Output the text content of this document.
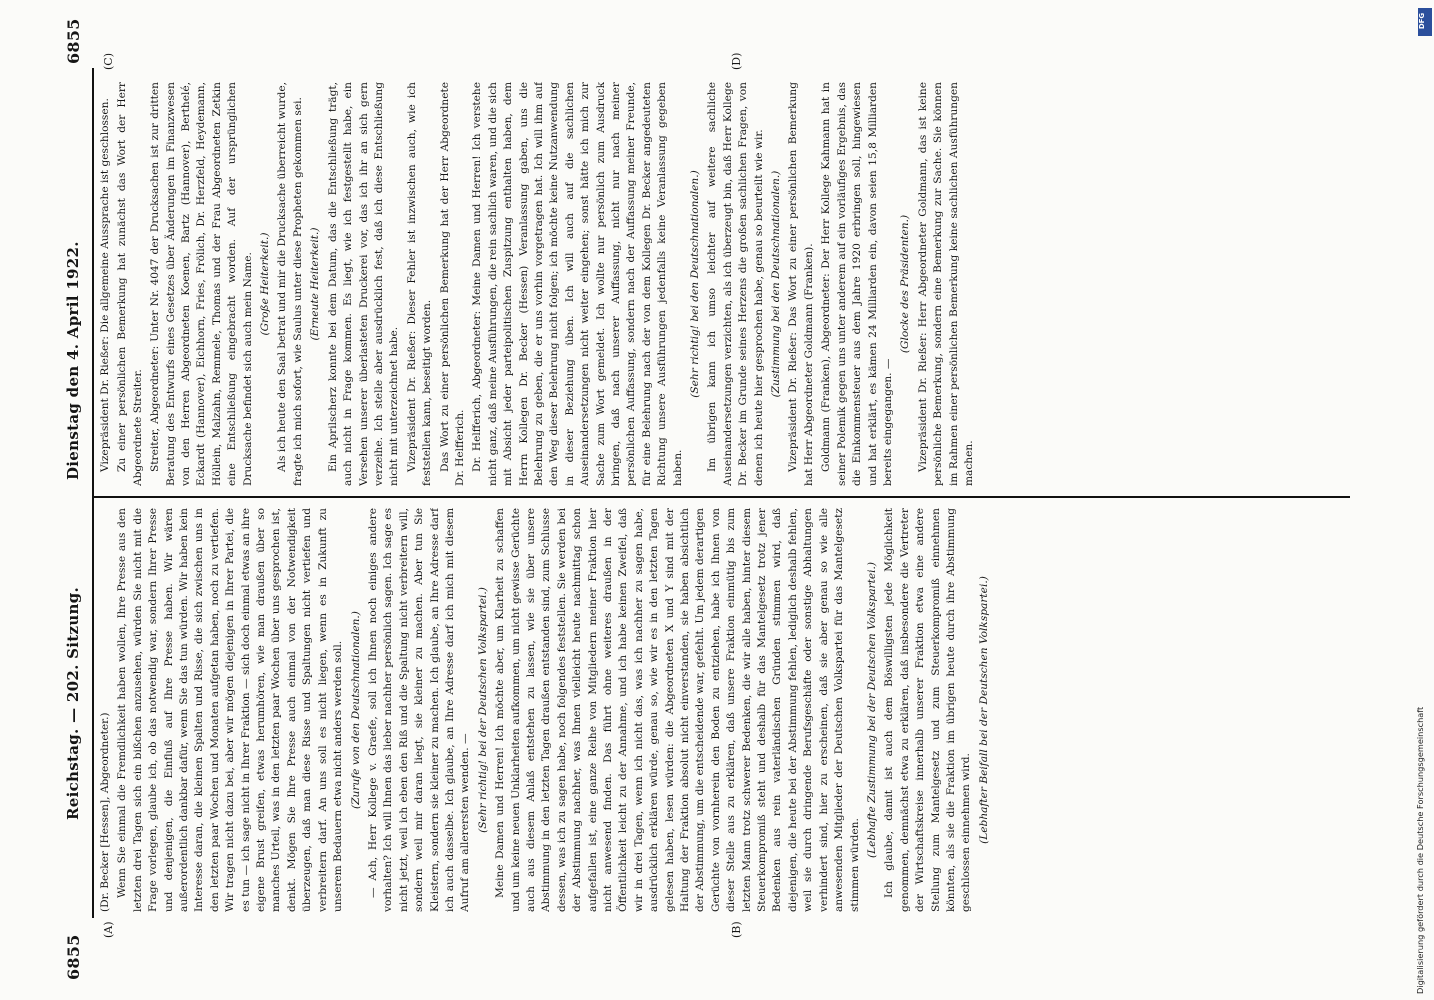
6855
Reichstag. — 202. Sitzung.
Dienstag den 4. April 1922.
6855
(A)	(B)
(C)	(D)

(Dr. Becker [Hessen], Abgeordneter.) Wenn Sie einmal die Fremdlichkeit haben wollen, Ihre Presse aus den letzten drei Tagen sich ein bißchen anzusehen, würden Sie nicht mit die Frage vorlegen, glaube ich, ob das notwendig war, sondern Ihrer Presse und denjenigen, die Einfluß auf Ihre Presse haben. Wir wären außerordentlich dankbar dafür, wenn Sie das tun würden. Wir haben kein Interesse daran, die kleinen Spalten und Risse, die sich zwischen uns in den letzten paar Wochen und Monaten aufgetan haben, noch zu vertiefen. Wir tragen nicht dazu bei, aber wir mögen diejenigen in Ihrer Partei, die es tun — ich sage nicht in Ihrer Fraktion — sich doch einmal etwas an ihre eigene Brust greifen, etwas herumhören, wie man draußen über so manches Urteil, was in den letzten paar Wochen über uns gesprochen ist, denkt. Mögen Sie Ihre Presse auch einmal von der Notwendigkeit überzeugen, daß man diese Risse und Spaltungen nicht vertiefen und verbreitern darf. An uns soll es nicht liegen, wenn es in Zukunft zu unserem Bedauern etwa nicht anders werden soll. (Zurufe von den Deutschnationalen.) — Ach, Herr Kollege v. Graefe, soll ich Ihnen noch einiges andere vorhalten? Ich will Ihnen das lieber nachher persönlich sagen. Ich sage es nicht jetzt, weil ich eben den Riß und die Spaltung nicht verbreitern will, sondern weil mir daran liegt, sie kleiner zu machen. Aber tun Sie Kleistern, sondern sie kleiner zu machen. Ich glaube, an Ihre Adresse darf ich auch dasselbe. Ich glaube, an Ihre Adresse darf ich mich mit diesem Aufruf am allerersten wenden. — (Sehr richtig! bei der Deutschen Volkspartei.) Meine Damen und Herren! Ich möchte aber, um Klarheit zu schaffen und um keine neuen Unklarheiten aufkommen, um nicht gewisse Gerüchte auch aus diesem Anlaß entstehen zu lassen, wie sie über unsere Abstimmung in den letzten Tagen draußen entstanden sind, zum Schlusse dessen, was ich zu sagen habe, noch folgendes feststellen. Sie werden bei der Abstimmung nachher, was Ihnen vielleicht heute nachmittag schon aufgefallen ist, eine ganze Reihe von Mitgliedern meiner Fraktion hier nicht anwesend finden. Das führt ohne weiteres draußen in der Öffentlichkeit leicht zu der Annahme, und ich habe keinen Zweifel, daß wir in drei Tagen, wenn ich nicht das, was ich nachher zu sagen habe, ausdrücklich erklären würde, genau so, wie wir es in den letzten Tagen gelesen haben, lesen würden: die Abgeordneten X und Y sind mit der Haltung der Fraktion absolut nicht einverstanden, sie haben absichtlich der Abstimmung, um die entscheidende war, gefehlt. Um jedem derartigen Gerüchte von vornherein den Boden zu entziehen, habe ich Ihnen von dieser Stelle aus zu erklären, daß unsere Fraktion einmütig bis zum letzten Mann trotz schwerer Bedenken, die wir alle haben, hinter diesem Steuerkompromiß steht und deshalb für das Mantelgesetz trotz jener Bedenken aus rein vaterländischen Gründen stimmen wird, daß diejenigen, die heute bei der Abstimmung fehlen, lediglich deshalb fehlen, weil sie durch dringende Berufsgeschäfte oder sonstige Abhaltungen verhindert sind, hier zu erscheinen, daß sie aber genau so wie alle anwesenden Mitglieder der Deutschen Volkspartei für das Mantelgesetz stimmen würden.

(Lebhafte Zustimmung bei der Deutschen Volkspartei.) Ich glaube, damit ist auch dem Böswilligsten jede Möglichkeit genommen, demnächst etwa zu erklären, daß insbesondere die Vertreter der Wirtschaftskreise innerhalb unserer Fraktion etwa eine andere Stellung zum Mantelgesetz und zum Steuerkompromiß einnehmen könnten, als sie die Fraktion im übrigen heute durch ihre Abstimmung geschlossen einnehmen wird. (Lebhafter Beifall bei der Deutschen Volkspartei.)

Vizepräsident Dr. Rießer: Die allgemeine Aussprache ist geschlossen. Zu einer persönlichen Bemerkung hat zunächst das Wort der Herr Abgeordnete Streiter. Streiter, Abgeordneter: Unter Nr. 4047 der Drucksachen ist zur dritten Beratung des Entwurfs eines Gesetzes über Änderungen im Finanzwesen von den Herren Abgeordneten Koenen, Bartz (Hannover), Berthelé, Eckardt (Hannover), Eichhorn, Fries, Frölich, Dr. Herzfeld, Heydemann, Höllein, Malzahn, Remmele, Thomas und der Frau Abgeordneten Zetkin eine Entschließung eingebracht worden. Auf der ursprünglichen Drucksache befindet sich auch mein Name. (Große Heiterkeit.) Als ich heute den Saal betrat und mir die Drucksache überreicht wurde, fragte ich mich sofort, wie Saulus unter diese Propheten gekommen sei. (Erneute Heiterkeit.) Ein Aprilscherz konnte bei dem Datum, das die Entschließung trägt, auch nicht in Frage kommen. Es liegt, wie ich festgestellt habe, ein Versehen unserer überlasteten Druckerei vor, das ich ihr an sich gern verzeihe. Ich stelle aber ausdrücklich fest, daß ich diese Entschließung nicht mit unterzeichnet habe. Vizepräsident Dr. Rießer: Dieser Fehler ist inzwischen auch, wie ich feststellen kann, beseitigt worden. Das Wort zu einer persönlichen Bemerkung hat der Herr Abgeordnete Dr. Helfferich. Dr. Helfferich, Abgeordneter: Meine Damen und Herren! Ich verstehe nicht ganz, daß meine Ausführungen, die rein sachlich waren, und die sich mit Absicht jeder parteipolitischen Zuspitzung enthalten haben, dem Herrn Kollegen Dr. Becker (Hessen) Veranlassung gaben, uns die Belehrung zu geben, die er uns vorhin vorgetragen hat. Ich will ihm auf den Weg dieser Belehrung nicht folgen; ich möchte keine Nutzanwendung in dieser Beziehung üben. Ich will auch auf die sachlichen Auseinandersetzungen nicht weiter eingehen; sonst hätte ich mich zur Sache zum Wort gemeldet. Ich wollte nur persönlich zum Ausdruck bringen, daß nach unserer Auffassung, nicht nur nach meiner persönlichen Auffassung, sondern nach der Auffassung meiner Freunde, für eine Belehrung nach der von dem Kollegen Dr. Becker angedeuteten Richtung unsere Ausführungen jedenfalls keine Veranlassung gegeben haben.

(Sehr richtig! bei den Deutschnationalen.) Im übrigen kann ich umso leichter auf weitere sachliche Auseinandersetzungen verzichten, als ich überzeugt bin, daß Herr Kollege Dr. Becker im Grunde seines Herzens die großen sachlichen Fragen, von denen ich heute hier gesprochen habe, genau so beurteilt wie wir. (Zustimmung bei den Deutschnationalen.) Vizepräsident Dr. Rießer: Das Wort zu einer persönlichen Bemerkung hat Herr Abgeordneter Goldmann (Franken). Goldmann (Franken), Abgeordneter: Der Herr Kollege Kahmann hat in seiner Polemik gegen uns unter anderem auf ein vorläufiges Ergebnis, das die Einkommensteuer aus dem Jahre 1920 erbringen soll, hingewiesen und hat erklärt, es kämen 24 Milliarden ein, davon seien 15,8 Milliarden bereits eingegangen. —

(Glocke des Präsidenten.) Vizepräsident Dr. Rießer: Herr Abgeordneter Goldmann, das ist keine persönliche Bemerkung, sondern eine Bemerkung zur Sache. Sie können im Rahmen einer persönlichen Bemerkung keine sachlichen Ausführungen machen.

Digitalisierung gefördert durch die Deutsche Forschungsgemeinschaft
DFG
